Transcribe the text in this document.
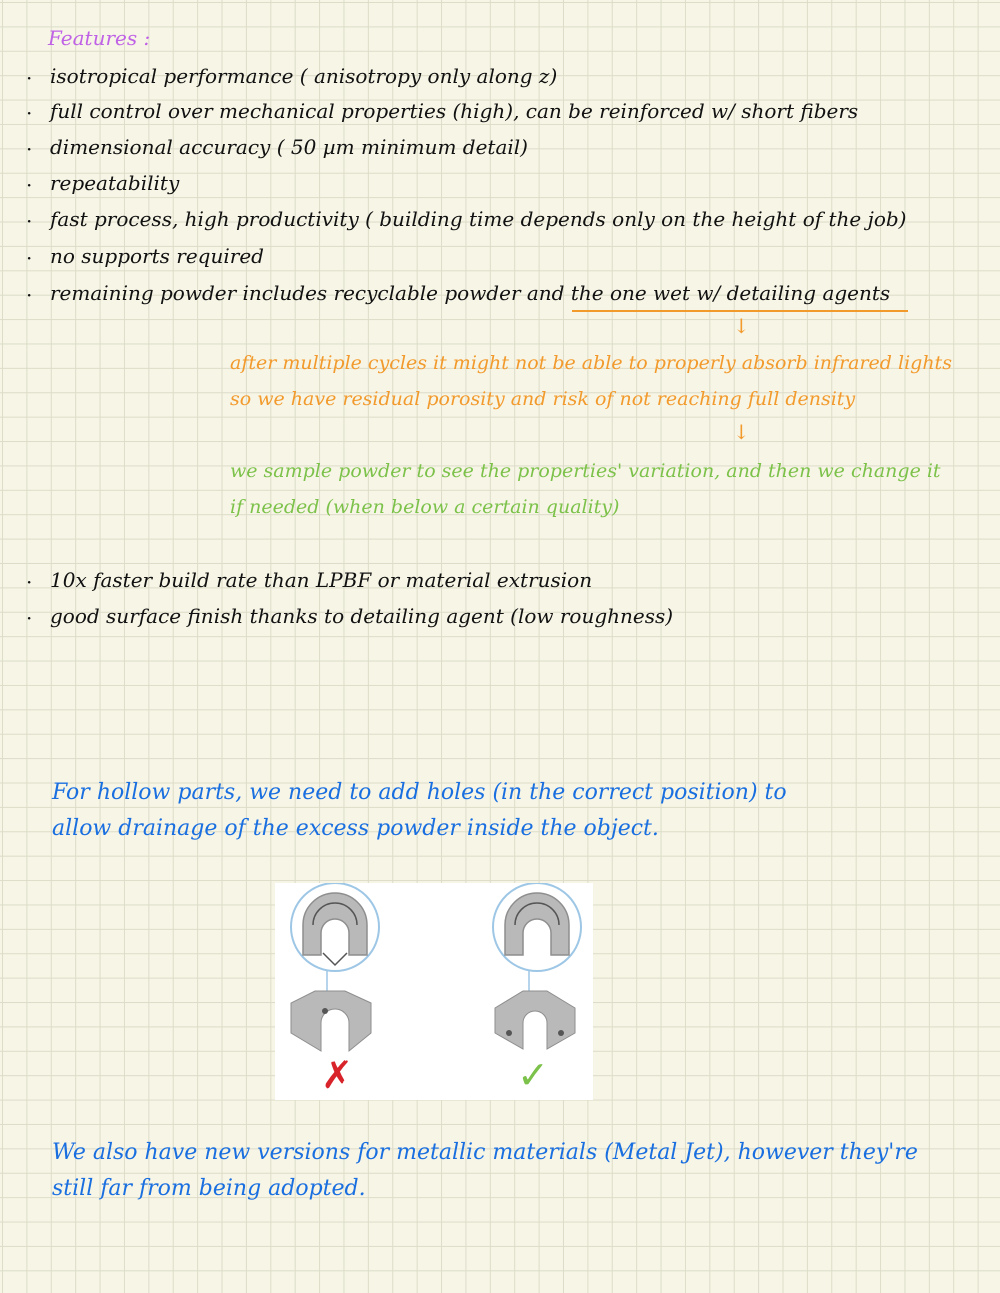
Features :
· isotropical performance ( anisotropy only along z)
· full control over mechanical properties (high), can be reinforced w/ short fibers
· dimensional accuracy ( 50 µm minimum detail)
· repeatability
· fast process, high productivity ( building time depends only on the height of the job)
· no supports required
· remaining powder includes recyclable powder and the one wet w/ detailing agents
↓
after multiple cycles it might not be able to properly absorb infrared lights
so we have residual porosity and risk of not reaching full density
↓
we sample powder to see the properties' variation, and then we change it
if needed (when below a certain quality)
· 10x faster build rate than LPBF or material extrusion
· good surface finish thanks to detailing agent (low roughness)
For hollow parts, we need to add holes (in the correct position) to
allow drainage of the excess powder inside the object.
✗	✓
We also have new versions for metallic materials (Metal Jet), however they're
still far from being adopted.
